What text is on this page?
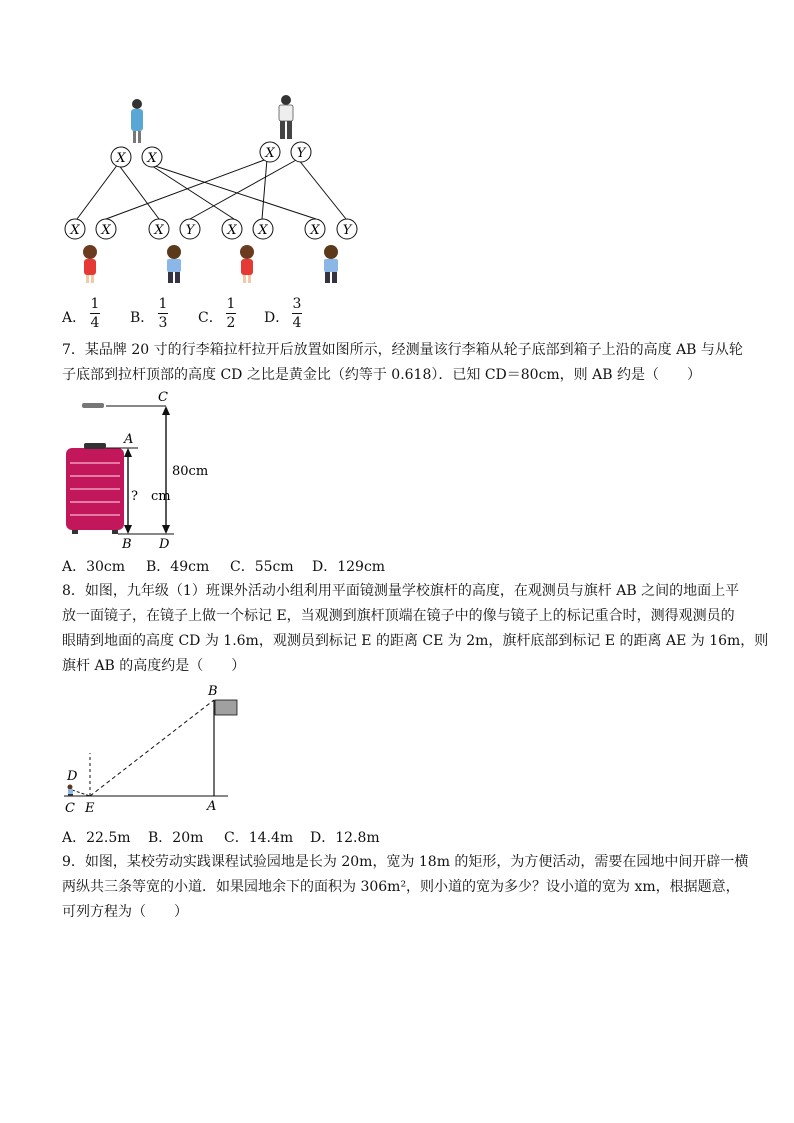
X X	X Y
X X	X Y	X X	X Y
A．
1
4 B．
1
3 C．
1
2 D．
3
4
7．某品牌 20 寸的行李箱拉杆拉开后放置如图所示，经测量该行李箱从轮子底部到箱子上沿的高度 AB 与从轮
子底部到拉杆顶部的高度 CD 之比是黄金比（约等于 0.618）．已知 CD＝80cm，则 AB 约是（　　）
C
A
B D
80cm
?　cm
A．30cm B．49cm C．55cm D．129cm
8．如图，九年级（1）班课外活动小组利用平面镜测量学校旗杆的高度，在观测员与旗杆 AB 之间的地面上平
放一面镜子，在镜子上做一个标记 E，当观测到旗杆顶端在镜子中的像与镜子上的标记重合时，测得观测员的
眼睛到地面的高度 CD 为 1.6m，观测员到标记 E 的距离 CE 为 2m，旗杆底部到标记 E 的距离 AE 为 16m，则
旗杆 AB 的高度约是（　　）
B
D
C E	A
A．22.5m B．20m C．14.4m D．12.8m
9．如图，某校劳动实践课程试验园地是长为 20m，宽为 18m 的矩形，为方便活动，需要在园地中间开辟一横
两纵共三条等宽的小道．如果园地余下的面积为 306m²，则小道的宽为多少？设小道的宽为 xm，根据题意，
可列方程为（　　）
